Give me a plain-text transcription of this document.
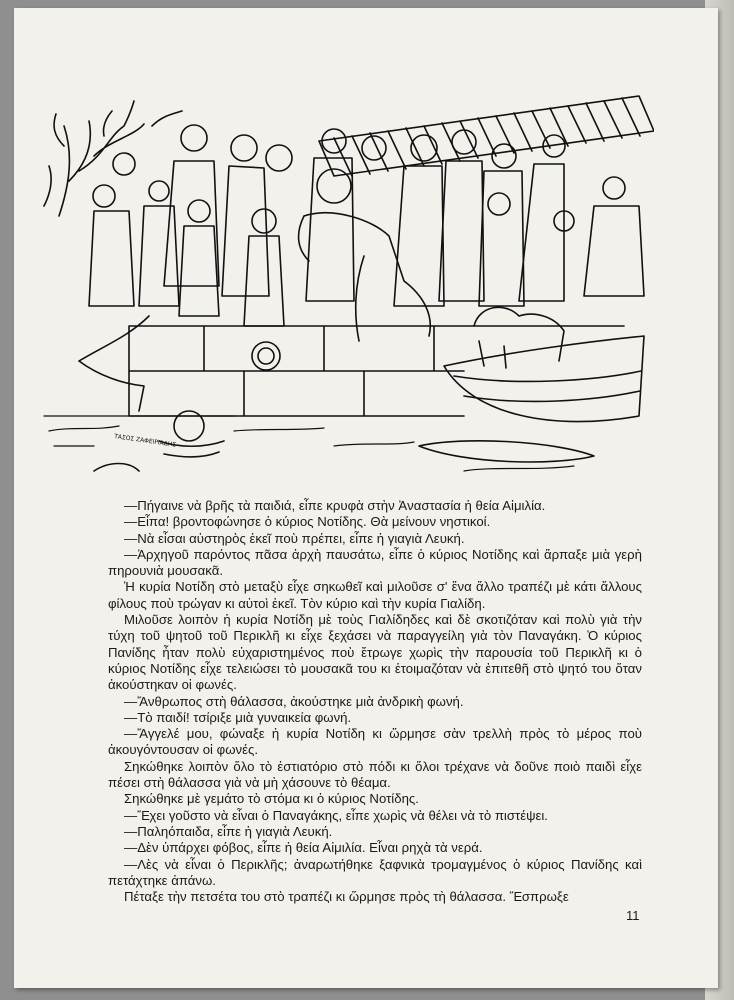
ΤΑΣΟΣ ΖΑΦΕΙΡΙΑΔΗΣ

—Πήγαινε νὰ βρῆς τὰ παιδιά, εἶπε κρυφὰ στὴν Ἀναστασία ἡ θεία Αἰμιλία.

—Εἶπα! βροντοφώνησε ὁ κύριος Νοτίδης. Θὰ μείνουν νηστικοί.

—Νὰ εἶσαι αὐστηρὸς ἐκεῖ ποὺ πρέπει, εἶπε ἡ γιαγιὰ Λευκή.

—Ἀρχηγοῦ παρόντος πᾶσα ἀρχὴ παυσάτω, εἶπε ὁ κύριος Νοτίδης καὶ ἅρπαξε μιὰ γερὴ πηρουνιὰ μουσακᾶ.

Ἡ κυρία Νοτίδη στὸ μεταξὺ εἶχε σηκωθεῖ καὶ μιλοῦσε σ' ἕνα ἄλλο τραπέζι μὲ κάτι ἄλλους φίλους ποὺ τρώγαν κι αὐτοὶ ἐκεῖ. Τὸν κύριο καὶ τὴν κυρία Γιαλίδη.

Μιλοῦσε λοιπὸν ἡ κυρία Νοτίδη μὲ τοὺς Γιαλίδηδες καὶ δὲ σκοτιζόταν καὶ πολὺ γιὰ τὴν τύχη τοῦ ψητοῦ τοῦ Περικλῆ κι εἶχε ξεχάσει νὰ παραγγείλη γιὰ τὸν Παναγάκη. Ὁ κύριος Πανίδης ἦταν πολὺ εὐχαριστημένος ποὺ ἔτρωγε χωρὶς τὴν παρουσία τοῦ Περικλῆ κι ὁ κύριος Νοτίδης εἶχε τελειώσει τὸ μουσακᾶ του κι ἑτοιμαζόταν νὰ ἐπιτεθῆ στὸ ψητό του ὅταν ἀκούστηκαν οἱ φωνές.

—Ἄνθρωπος στὴ θάλασσα, ἀκούστηκε μιὰ ἀνδρικὴ φωνή.

—Τὸ παιδί! τσίριξε μιὰ γυναικεία φωνή.

—Ἄγγελέ μου, φώναξε ἡ κυρία Νοτίδη κι ὥρμησε σὰν τρελλὴ πρὸς τὸ μέρος ποὺ ἀκουγόντουσαν οἱ φωνές.

Σηκώθηκε λοιπὸν ὅλο τὸ ἑστιατόριο στὸ πόδι κι ὅλοι τρέχανε νὰ δοῦνε ποιὸ παιδὶ εἶχε πέσει στὴ θάλασσα γιὰ νὰ μὴ χάσουνε τὸ θέαμα.

Σηκώθηκε μὲ γεμάτο τὸ στόμα κι ὁ κύριος Νοτίδης.

—Ἔχει γοῦστο νὰ εἶναι ὁ Παναγάκης, εἶπε χωρὶς νὰ θέλει νὰ τὸ πιστέψει.

—Παληόπαιδα, εἶπε ἡ γιαγιὰ Λευκή.

—Δὲν ὑπάρχει φόβος, εἶπε ἡ θεία Αἰμιλία. Εἶναι ρηχὰ τὰ νερά.

—Λὲς νὰ εἶναι ὁ Περικλῆς; ἀναρωτήθηκε ξαφνικὰ τρομαγμένος ὁ κύριος Πανίδης καὶ πετάχτηκε ἀπάνω.

Πέταξε τὴν πετσέτα του στὸ τραπέζι κι ὥρμησε πρὸς τὴ θάλασσα. Ἔσπρωξε

11
